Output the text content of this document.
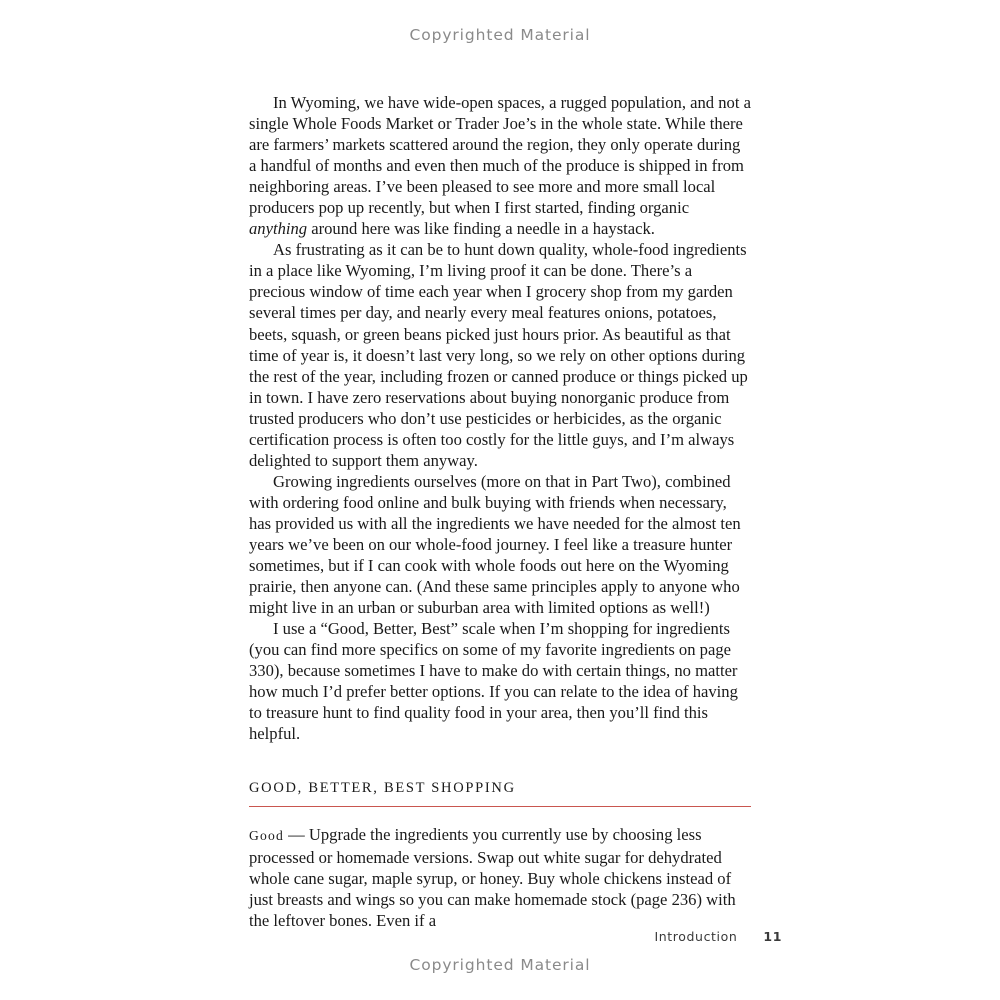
Copyrighted Material

In Wyoming, we have wide-open spaces, a rugged population, and not a single Whole Foods Market or Trader Joe’s in the whole state. While there are farmers’ markets scattered around the region, they only operate during a handful of months and even then much of the produce is shipped in from neighboring areas. I’ve been pleased to see more and more small local producers pop up recently, but when I first started, finding organic anything around here was like finding a needle in a haystack.

As frustrating as it can be to hunt down quality, whole-food ingredients in a place like Wyoming, I’m living proof it can be done. There’s a precious window of time each year when I grocery shop from my garden several times per day, and nearly every meal features onions, potatoes, beets, squash, or green beans picked just hours prior. As beautiful as that time of year is, it doesn’t last very long, so we rely on other options during the rest of the year, including frozen or canned produce or things picked up in town. I have zero reservations about buying nonorganic produce from trusted producers who don’t use pesticides or herbicides, as the organic certification process is often too costly for the little guys, and I’m always delighted to support them anyway.

Growing ingredients ourselves (more on that in Part Two), combined with ordering food online and bulk buying with friends when necessary, has provided us with all the ingredients we have needed for the almost ten years we’ve been on our whole-food journey. I feel like a treasure hunter sometimes, but if I can cook with whole foods out here on the Wyoming prairie, then anyone can. (And these same principles apply to anyone who might live in an urban or suburban area with limited options as well!)

I use a “Good, Better, Best” scale when I’m shopping for ingredients (you can find more specifics on some of my favorite ingredients on page 330), because sometimes I have to make do with certain things, no matter how much I’d prefer better options. If you can relate to the idea of having to treasure hunt to find quality food in your area, then you’ll find this helpful.

GOOD, BETTER, BEST SHOPPING

Good — Upgrade the ingredients you currently use by choosing less processed or homemade versions. Swap out white sugar for dehydrated whole cane sugar, maple syrup, or honey. Buy whole chickens instead of just breasts and wings so you can make homemade stock (page 236) with the leftover bones. Even if a

Introduction 11
Copyrighted Material
